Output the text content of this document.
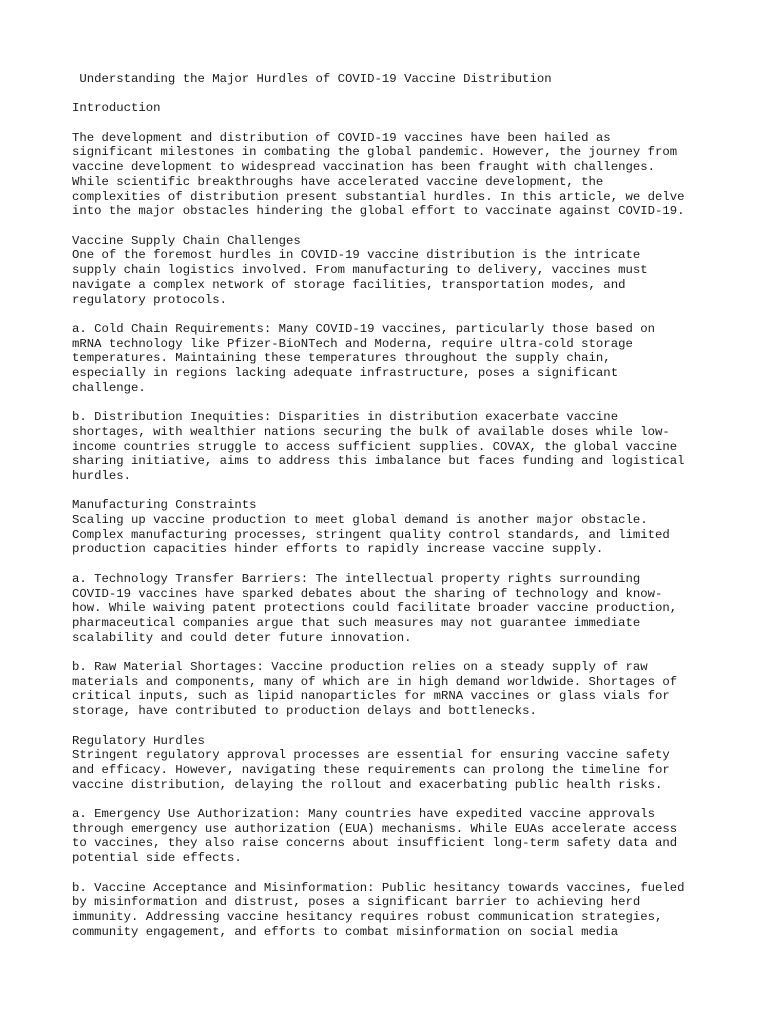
Understanding the Major Hurdles of COVID-19 Vaccine Distribution
Introduction
The development and distribution of COVID-19 vaccines have been hailed as
significant milestones in combating the global pandemic. However, the journey from
vaccine development to widespread vaccination has been fraught with challenges.
While scientific breakthroughs have accelerated vaccine development, the
complexities of distribution present substantial hurdles. In this article, we delve
into the major obstacles hindering the global effort to vaccinate against COVID-19.
Vaccine Supply Chain Challenges
One of the foremost hurdles in COVID-19 vaccine distribution is the intricate
supply chain logistics involved. From manufacturing to delivery, vaccines must
navigate a complex network of storage facilities, transportation modes, and
regulatory protocols.
a. Cold Chain Requirements: Many COVID-19 vaccines, particularly those based on
mRNA technology like Pfizer-BioNTech and Moderna, require ultra-cold storage
temperatures. Maintaining these temperatures throughout the supply chain,
especially in regions lacking adequate infrastructure, poses a significant
challenge.
b. Distribution Inequities: Disparities in distribution exacerbate vaccine
shortages, with wealthier nations securing the bulk of available doses while low-
income countries struggle to access sufficient supplies. COVAX, the global vaccine
sharing initiative, aims to address this imbalance but faces funding and logistical
hurdles.
Manufacturing Constraints
Scaling up vaccine production to meet global demand is another major obstacle.
Complex manufacturing processes, stringent quality control standards, and limited
production capacities hinder efforts to rapidly increase vaccine supply.
a. Technology Transfer Barriers: The intellectual property rights surrounding
COVID-19 vaccines have sparked debates about the sharing of technology and know-
how. While waiving patent protections could facilitate broader vaccine production,
pharmaceutical companies argue that such measures may not guarantee immediate
scalability and could deter future innovation.
b. Raw Material Shortages: Vaccine production relies on a steady supply of raw
materials and components, many of which are in high demand worldwide. Shortages of
critical inputs, such as lipid nanoparticles for mRNA vaccines or glass vials for
storage, have contributed to production delays and bottlenecks.
Regulatory Hurdles
Stringent regulatory approval processes are essential for ensuring vaccine safety
and efficacy. However, navigating these requirements can prolong the timeline for
vaccine distribution, delaying the rollout and exacerbating public health risks.
a. Emergency Use Authorization: Many countries have expedited vaccine approvals
through emergency use authorization (EUA) mechanisms. While EUAs accelerate access
to vaccines, they also raise concerns about insufficient long-term safety data and
potential side effects.
b. Vaccine Acceptance and Misinformation: Public hesitancy towards vaccines, fueled
by misinformation and distrust, poses a significant barrier to achieving herd
immunity. Addressing vaccine hesitancy requires robust communication strategies,
community engagement, and efforts to combat misinformation on social media
